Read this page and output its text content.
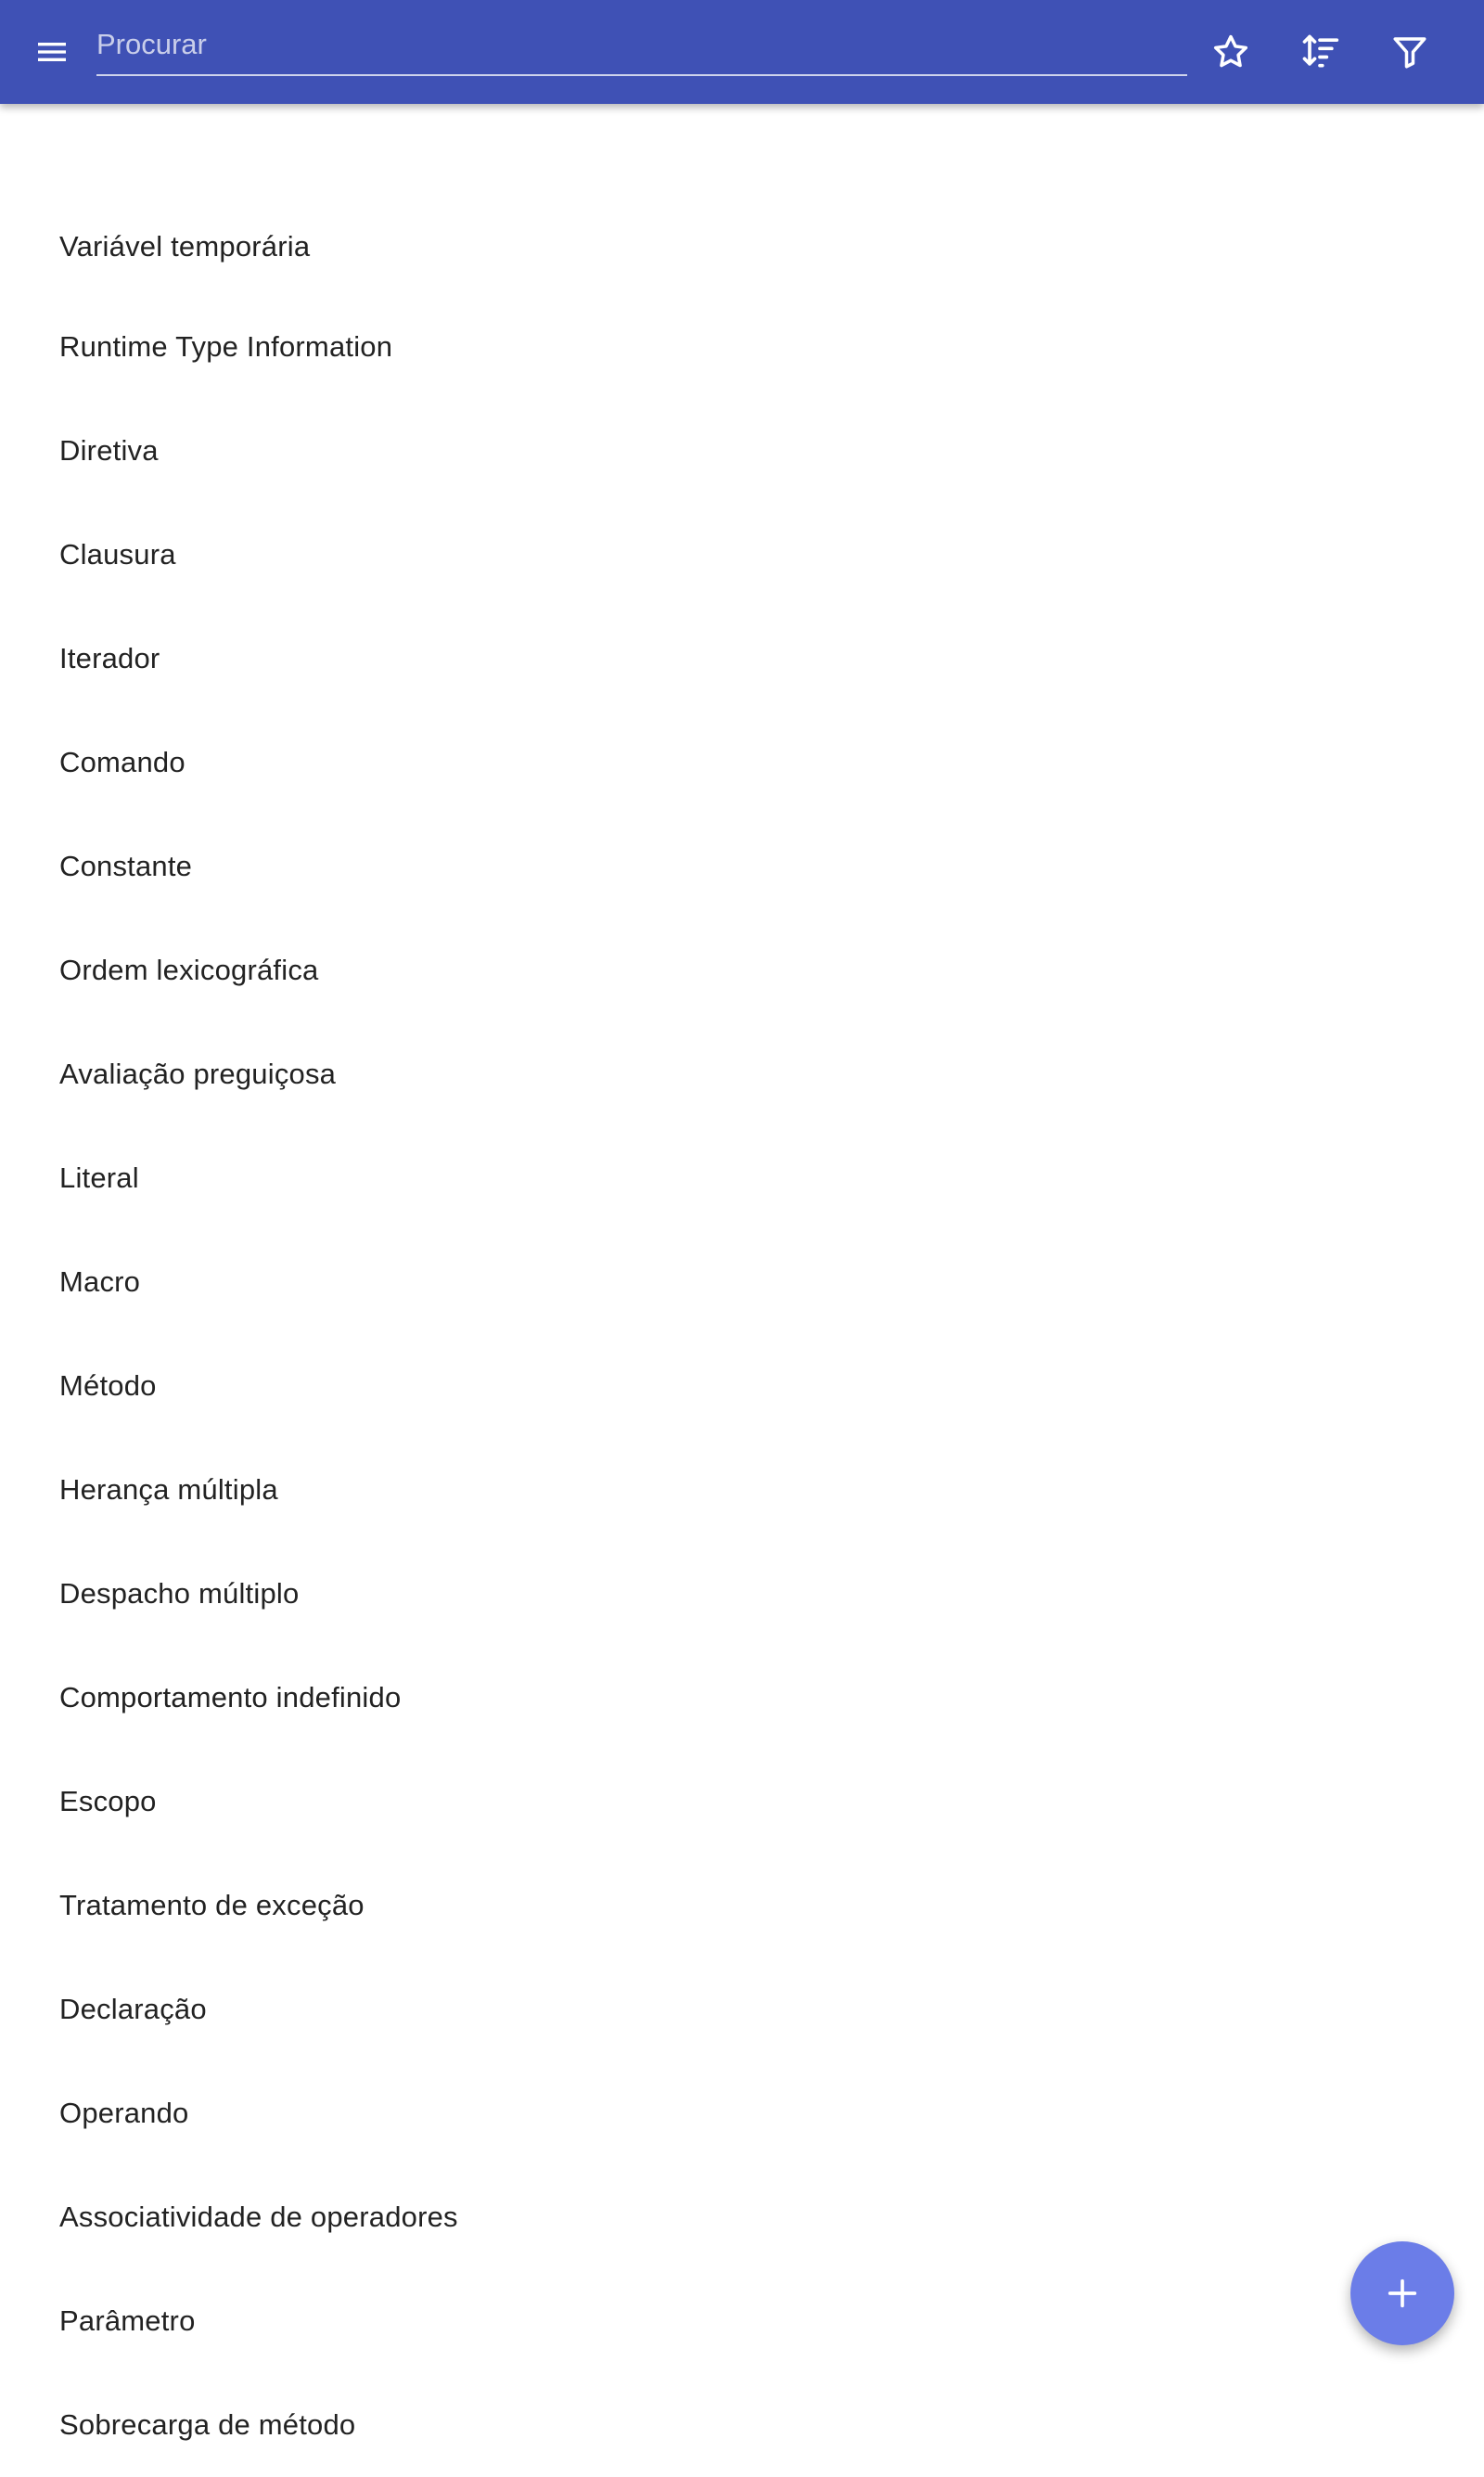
Procurar
Variável temporária
Runtime Type Information
Diretiva
Clausura
Iterador
Comando
Constante
Ordem lexicográfica
Avaliação preguiçosa
Literal
Macro
Método
Herança múltipla
Despacho múltiplo
Comportamento indefinido
Escopo
Tratamento de exceção
Declaração
Operando
Associatividade de operadores
Parâmetro
Sobrecarga de método
